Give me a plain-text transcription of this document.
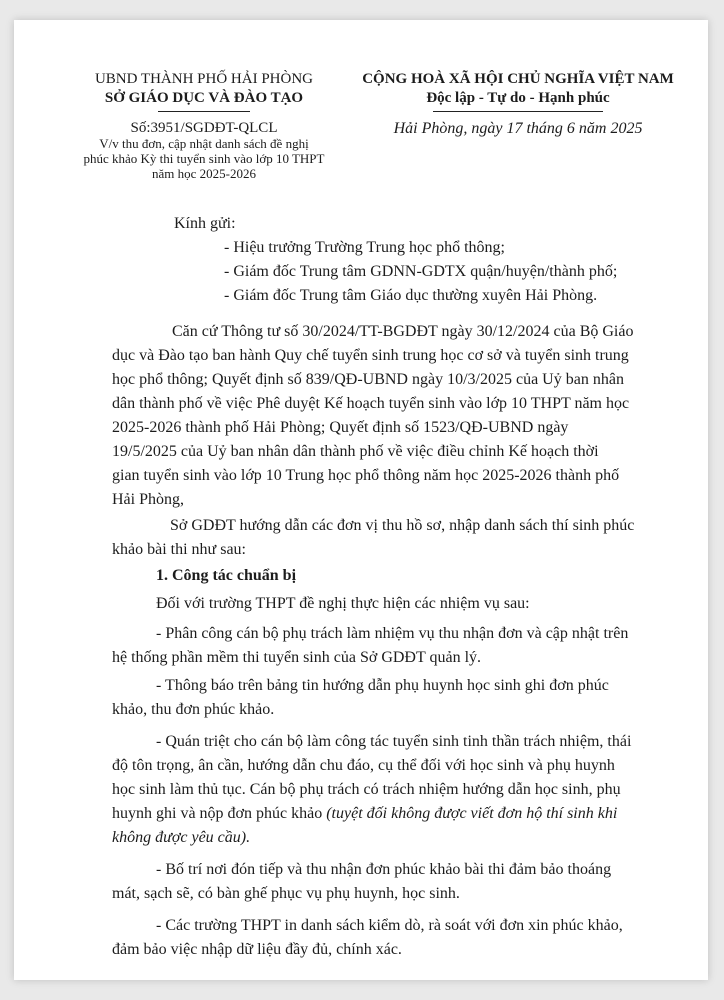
UBND THÀNH PHỐ HẢI PHÒNG
SỞ GIÁO DỤC VÀ ĐÀO TẠO
CỘNG HOÀ XÃ HỘI CHỦ NGHĨA VIỆT NAM
Độc lập - Tự do - Hạnh phúc
Số:3951/SGDĐT-QLCL
V/v thu đơn, cập nhật danh sách đề nghị
phúc khảo Kỳ thi tuyển sinh vào lớp 10 THPT
năm học 2025-2026
Hải Phòng, ngày 17 tháng 6 năm 2025
Kính gửi:
- Hiệu trưởng Trường Trung học phổ thông;
- Giám đốc Trung tâm GDNN-GDTX quận/huyện/thành phố;
- Giám đốc Trung tâm Giáo dục thường xuyên Hải Phòng.
Căn cứ Thông tư số 30/2024/TT-BGDĐT ngày 30/12/2024 của Bộ Giáo
dục và Đào tạo ban hành Quy chế tuyển sinh trung học cơ sở và tuyển sinh trung
học phổ thông; Quyết định số 839/QĐ-UBND ngày 10/3/2025 của Uỷ ban nhân
dân thành phố về việc Phê duyệt Kế hoạch tuyển sinh vào lớp 10 THPT năm học
2025-2026 thành phố Hải Phòng; Quyết định số 1523/QĐ-UBND ngày
19/5/2025 của Uỷ ban nhân dân thành phố về việc điều chỉnh Kế hoạch thời
gian tuyển sinh vào lớp 10 Trung học phổ thông năm học 2025-2026 thành phố
Hải Phòng,
Sở GDĐT hướng dẫn các đơn vị thu hồ sơ, nhập danh sách thí sinh phúc
khảo bài thi như sau:
1. Công tác chuẩn bị
Đối với trường THPT đề nghị thực hiện các nhiệm vụ sau:
- Phân công cán bộ phụ trách làm nhiệm vụ thu nhận đơn và cập nhật trên
hệ thống phần mềm thi tuyển sinh của Sở GDĐT quản lý.
- Thông báo trên bảng tin hướng dẫn phụ huynh học sinh ghi đơn phúc
khảo, thu đơn phúc khảo.
- Quán triệt cho cán bộ làm công tác tuyển sinh tinh thần trách nhiệm, thái
độ tôn trọng, ân cần, hướng dẫn chu đáo, cụ thể đối với học sinh và phụ huynh
học sinh làm thủ tục. Cán bộ phụ trách có trách nhiệm hướng dẫn học sinh, phụ
huynh ghi và nộp đơn phúc khảo (tuyệt đối không được viết đơn hộ thí sinh khi
không được yêu cầu).
- Bố trí nơi đón tiếp và thu nhận đơn phúc khảo bài thi đảm bảo thoáng
mát, sạch sẽ, có bàn ghế phục vụ phụ huynh, học sinh.
- Các trường THPT in danh sách kiểm dò, rà soát với đơn xin phúc khảo,
đảm bảo việc nhập dữ liệu đầy đủ, chính xác.
